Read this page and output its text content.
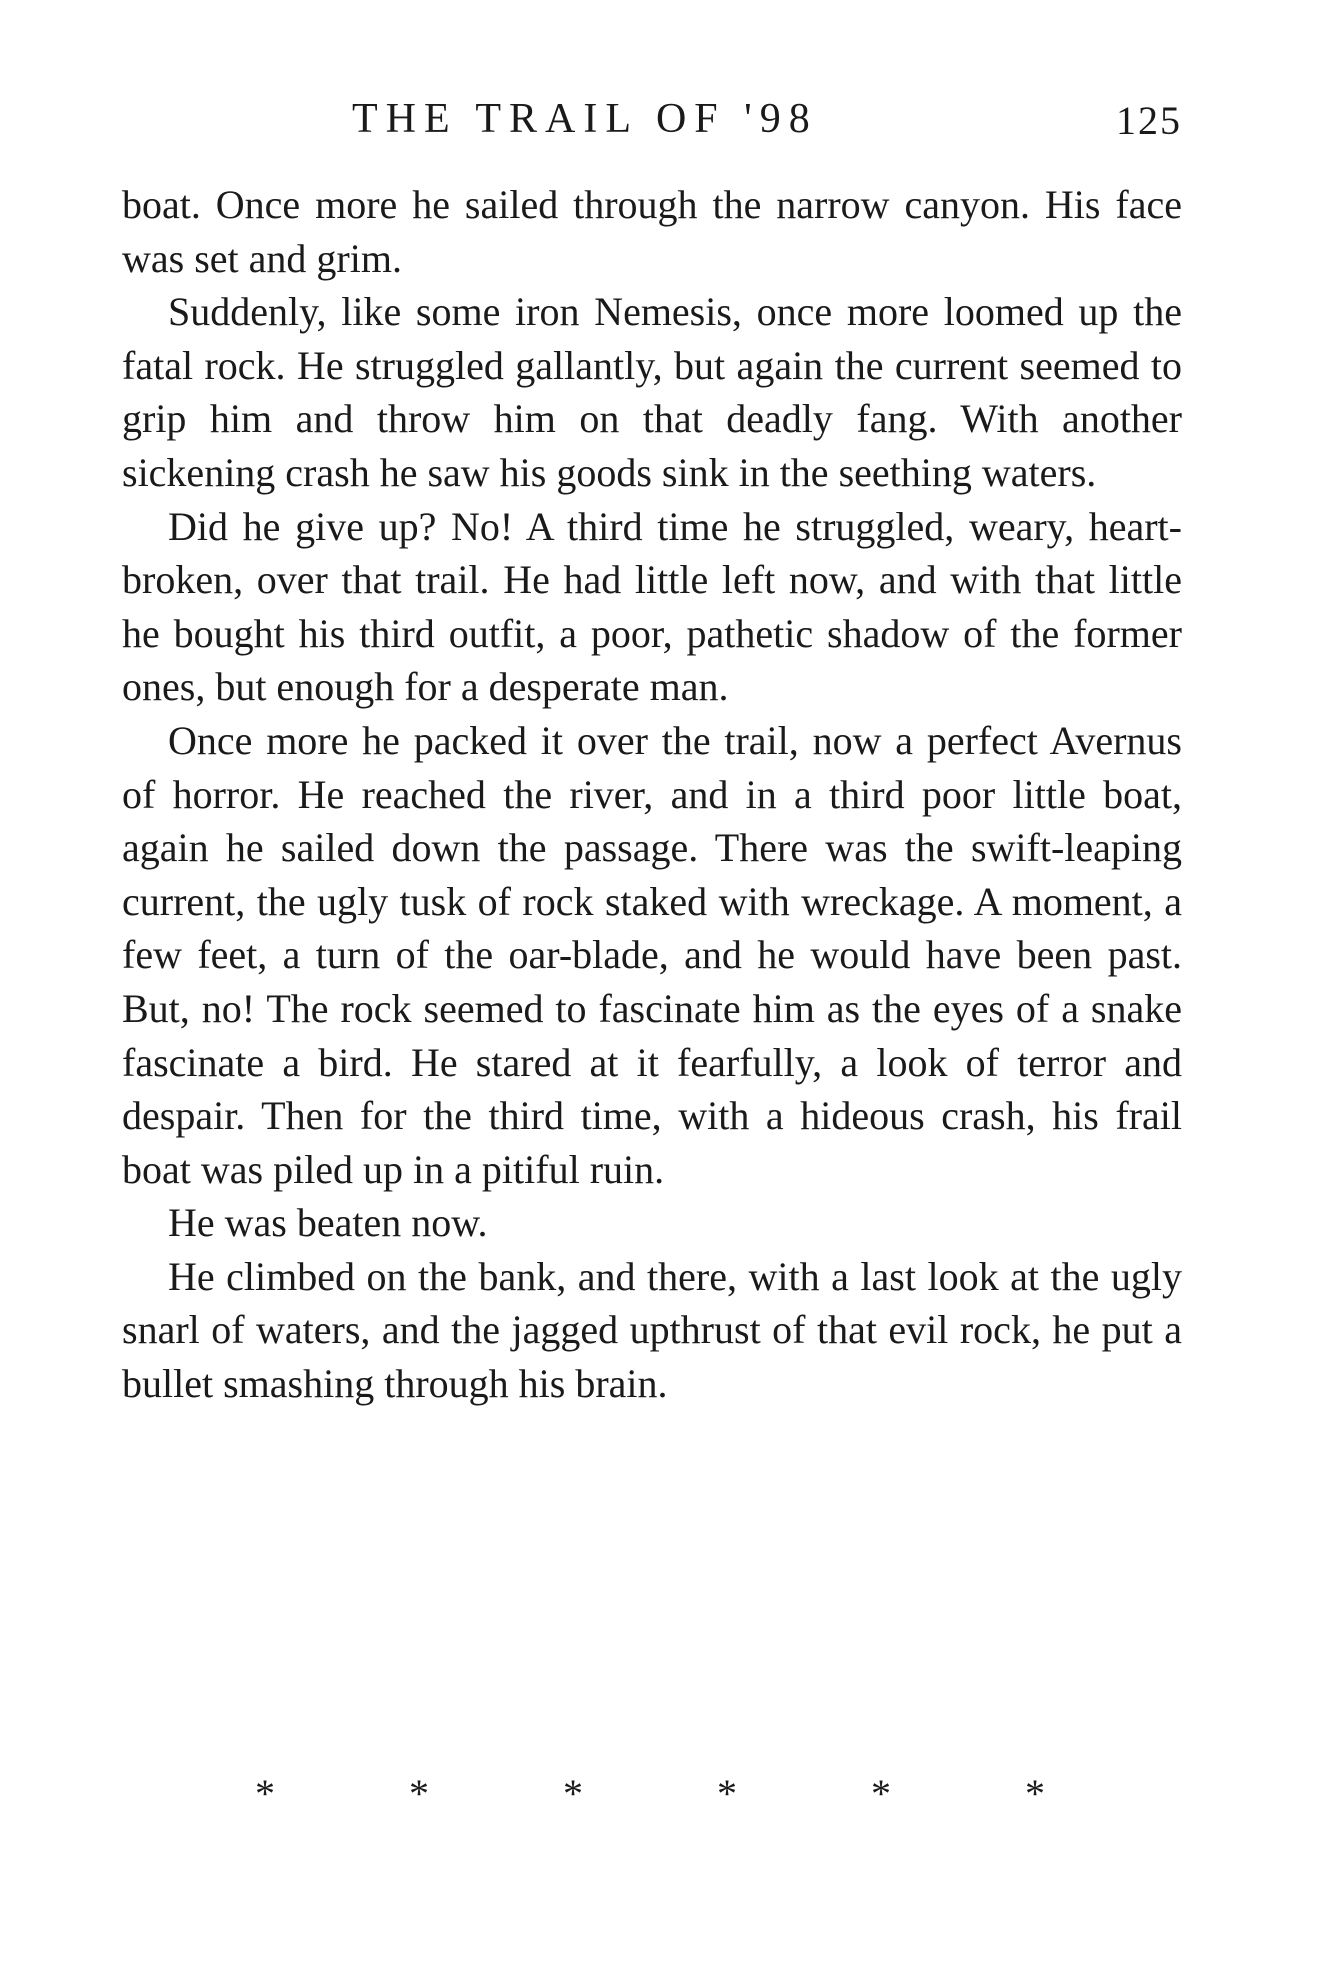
THE TRAIL OF '98	125

boat. Once more he sailed through the narrow canyon. His face was set and grim.

Suddenly, like some iron Nemesis, once more loomed up the fatal rock. He struggled gallantly, but again the current seemed to grip him and throw him on that deadly fang. With another sickening crash he saw his goods sink in the seething waters.

Did he give up? No! A third time he struggled, weary, heart-broken, over that trail. He had little left now, and with that little he bought his third outfit, a poor, pathetic shadow of the former ones, but enough for a desperate man.

Once more he packed it over the trail, now a perfect Avernus of horror. He reached the river, and in a third poor little boat, again he sailed down the passage. There was the swift-leaping current, the ugly tusk of rock staked with wreckage. A moment, a few feet, a turn of the oar-blade, and he would have been past. But, no! The rock seemed to fascinate him as the eyes of a snake fascinate a bird. He stared at it fearfully, a look of terror and despair. Then for the third time, with a hideous crash, his frail boat was piled up in a pitiful ruin.

He was beaten now.

He climbed on the bank, and there, with a last look at the ugly snarl of waters, and the jagged upthrust of that evil rock, he put a bullet smashing through his brain.

*	*	*	*	*	*
